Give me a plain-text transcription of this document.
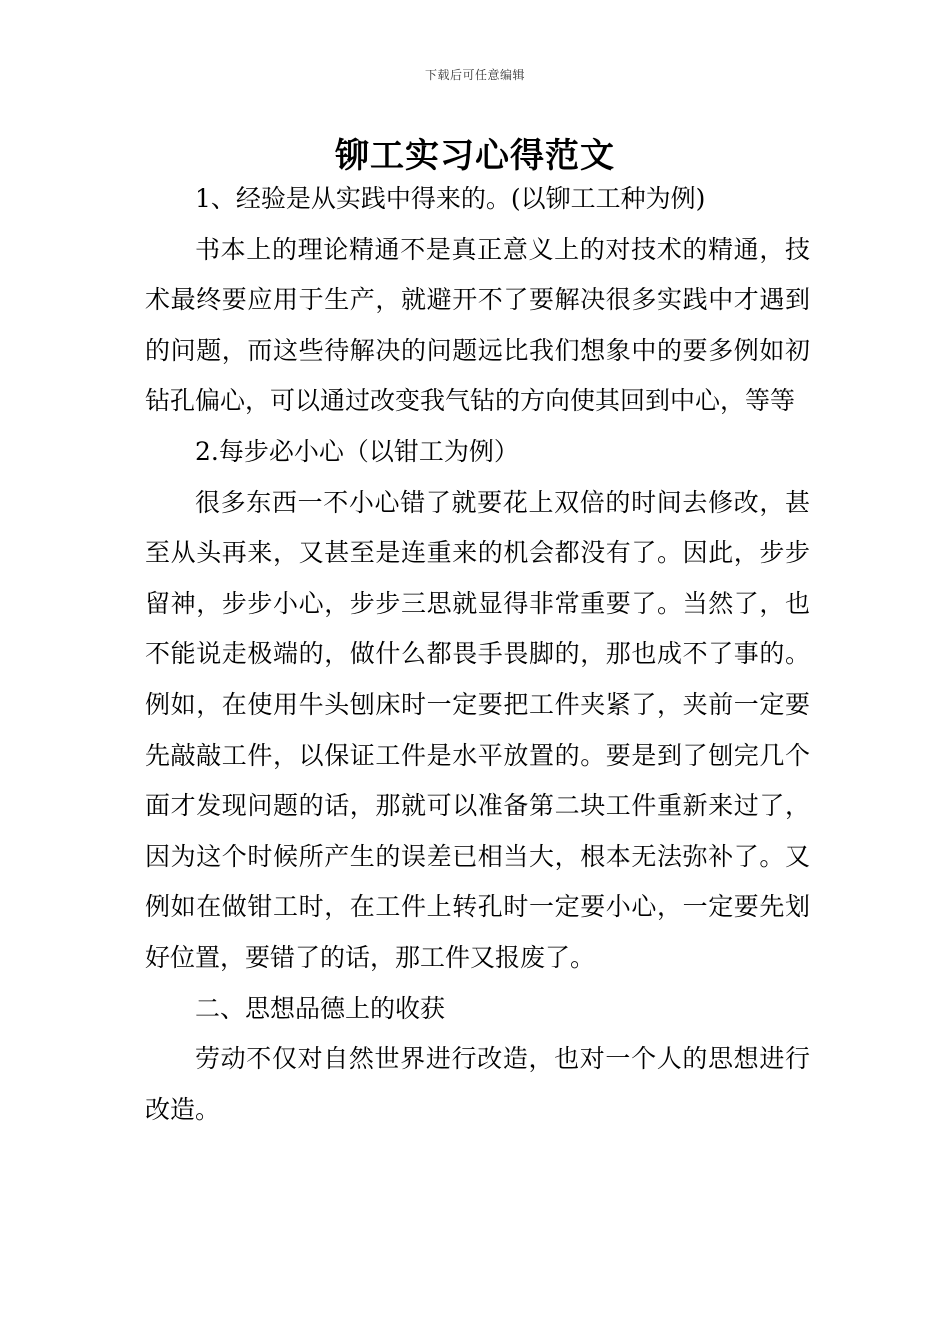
下载后可任意编辑
铆工实习心得范文

1、经验是从实践中得来的。(以铆工工种为例)

书本上的理论精通不是真正意义上的对技术的精通，技术最终要应用于生产，就避开不了要解决很多实践中才遇到的问题，而这些待解决的问题远比我们想象中的要多例如初钻孔偏心，可以通过改变我气钻的方向使其回到中心，等等

2.每步必小心（以钳工为例）

很多东西一不小心错了就要花上双倍的时间去修改，甚至从头再来，又甚至是连重来的机会都没有了。因此，步步留神，步步小心，步步三思就显得非常重要了。当然了，也不能说走极端的，做什么都畏手畏脚的，那也成不了事的。例如，在使用牛头刨床时一定要把工件夹紧了，夹前一定要先敲敲工件，以保证工件是水平放置的。要是到了刨完几个面才发现问题的话，那就可以准备第二块工件重新来过了，因为这个时候所产生的误差已相当大，根本无法弥补了。又例如在做钳工时，在工件上转孔时一定要小心，一定要先划好位置，要错了的话，那工件又报废了。

二、思想品德上的收获

劳动不仅对自然世界进行改造，也对一个人的思想进行改造。
